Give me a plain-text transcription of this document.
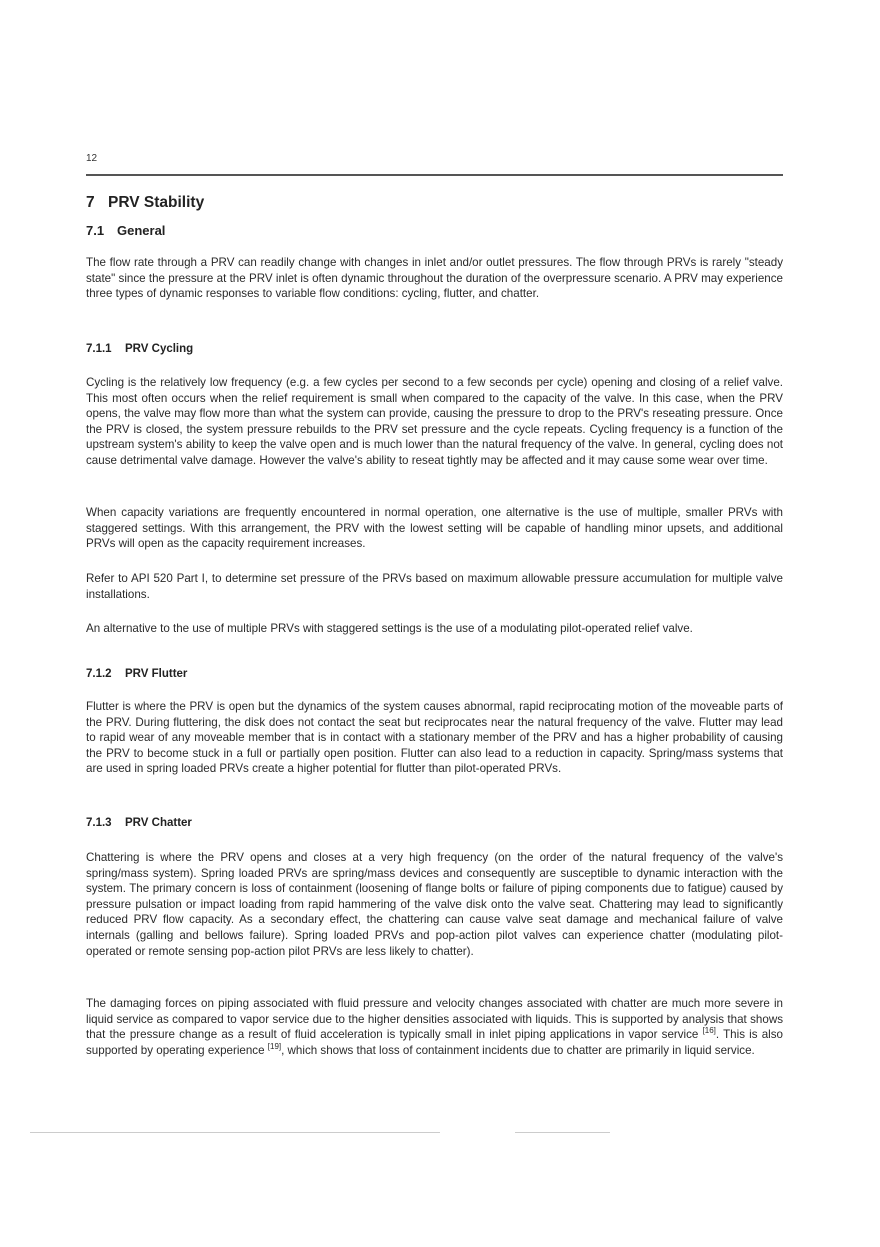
12
7 PRV Stability
7.1 General
The flow rate through a PRV can readily change with changes in inlet and/or outlet pressures. The flow through PRVs is rarely "steady state" since the pressure at the PRV inlet is often dynamic throughout the duration of the overpressure scenario. A PRV may experience three types of dynamic responses to variable flow conditions: cycling, flutter, and chatter.
7.1.1 PRV Cycling
Cycling is the relatively low frequency (e.g. a few cycles per second to a few seconds per cycle) opening and closing of a relief valve. This most often occurs when the relief requirement is small when compared to the capacity of the valve. In this case, when the PRV opens, the valve may flow more than what the system can provide, causing the pressure to drop to the PRV's reseating pressure. Once the PRV is closed, the system pressure rebuilds to the PRV set pressure and the cycle repeats. Cycling frequency is a function of the upstream system's ability to keep the valve open and is much lower than the natural frequency of the valve. In general, cycling does not cause detrimental valve damage. However the valve's ability to reseat tightly may be affected and it may cause some wear over time.
When capacity variations are frequently encountered in normal operation, one alternative is the use of multiple, smaller PRVs with staggered settings. With this arrangement, the PRV with the lowest setting will be capable of handling minor upsets, and additional PRVs will open as the capacity requirement increases.
Refer to API 520 Part I, to determine set pressure of the PRVs based on maximum allowable pressure accumulation for multiple valve installations.
An alternative to the use of multiple PRVs with staggered settings is the use of a modulating pilot-operated relief valve.
7.1.2 PRV Flutter
Flutter is where the PRV is open but the dynamics of the system causes abnormal, rapid reciprocating motion of the moveable parts of the PRV. During fluttering, the disk does not contact the seat but reciprocates near the natural frequency of the valve. Flutter may lead to rapid wear of any moveable member that is in contact with a stationary member of the PRV and has a higher probability of causing the PRV to become stuck in a full or partially open position. Flutter can also lead to a reduction in capacity. Spring/mass systems that are used in spring loaded PRVs create a higher potential for flutter than pilot-operated PRVs.
7.1.3 PRV Chatter
Chattering is where the PRV opens and closes at a very high frequency (on the order of the natural frequency of the valve's spring/mass system). Spring loaded PRVs are spring/mass devices and consequently are susceptible to dynamic interaction with the system. The primary concern is loss of containment (loosening of flange bolts or failure of piping components due to fatigue) caused by pressure pulsation or impact loading from rapid hammering of the valve disk onto the valve seat. Chattering may lead to significantly reduced PRV flow capacity. As a secondary effect, the chattering can cause valve seat damage and mechanical failure of valve internals (galling and bellows failure). Spring loaded PRVs and pop-action pilot valves can experience chatter (modulating pilot-operated or remote sensing pop-action pilot PRVs are less likely to chatter).
The damaging forces on piping associated with fluid pressure and velocity changes associated with chatter are much more severe in liquid service as compared to vapor service due to the higher densities associated with liquids. This is supported by analysis that shows that the pressure change as a result of fluid acceleration is typically small in inlet piping applications in vapor service [16]. This is also supported by operating experience [19], which shows that loss of containment incidents due to chatter are primarily in liquid service.
